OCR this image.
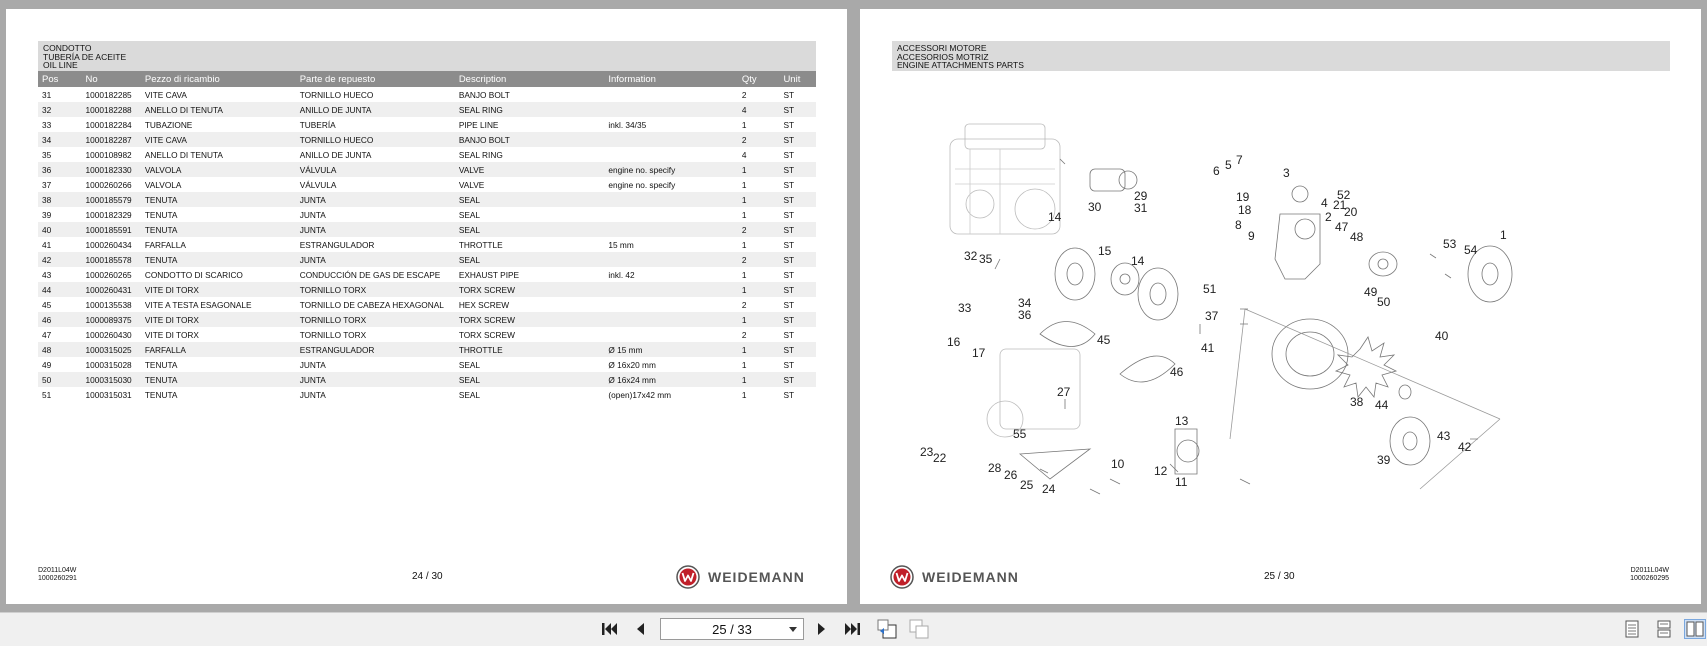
CONDOTTO
TUBERÍA DE ACEITE
OIL LINE
Pos	No	Pezzo di ricambio	Parte de repuesto	Description	Information	Qty	Unit
31	1000182285	VITE CAVA	TORNILLO HUECO	BANJO BOLT		2	ST
32	1000182288	ANELLO DI TENUTA	ANILLO DE JUNTA	SEAL RING		4	ST
33	1000182284	TUBAZIONE	TUBERÍA	PIPE LINE	inkl. 34/35	1	ST
34	1000182287	VITE CAVA	TORNILLO HUECO	BANJO BOLT		2	ST
35	1000108982	ANELLO DI TENUTA	ANILLO DE JUNTA	SEAL RING		4	ST
36	1000182330	VALVOLA	VÁLVULA	VALVE	engine no. specify	1	ST
37	1000260266	VALVOLA	VÁLVULA	VALVE	engine no. specify	1	ST
38	1000185579	TENUTA	JUNTA	SEAL		1	ST
39	1000182329	TENUTA	JUNTA	SEAL		1	ST
40	1000185591	TENUTA	JUNTA	SEAL		2	ST
41	1000260434	FARFALLA	ESTRANGULADOR	THROTTLE	15 mm	1	ST
42	1000185578	TENUTA	JUNTA	SEAL		2	ST
43	1000260265	CONDOTTO DI SCARICO	CONDUCCIÓN DE GAS DE ESCAPE	EXHAUST PIPE	inkl. 42	1	ST
44	1000260431	VITE DI TORX	TORNILLO TORX	TORX SCREW		1	ST
45	1000135538	VITE A TESTA ESAGONALE	TORNILLO DE CABEZA HEXAGONAL	HEX SCREW		2	ST
46	1000089375	VITE DI TORX	TORNILLO TORX	TORX SCREW		1	ST
47	1000260430	VITE DI TORX	TORNILLO TORX	TORX SCREW		2	ST
48	1000315025	FARFALLA	ESTRANGULADOR	THROTTLE	Ø 15 mm	1	ST
49	1000315028	TENUTA	JUNTA	SEAL	Ø 16x20 mm	1	ST
50	1000315030	TENUTA	JUNTA	SEAL	Ø 16x24 mm	1	ST
51	1000315031	TENUTA	JUNTA	SEAL	(open)17x42 mm	1	ST
D2011L04W
1000260291	24 / 30	WEIDEMANN
ACCESSORI MOTORE
ACCESORIOS MOTRIZ
ENGINE ATTACHMENTS PARTS
1
2
3
4
5
6
7
8
9
10
11
12
13
14
14
15
16
17
18
19
20
21
22
23
24
25
26
27
28
29
30	31
32
33	34
35
36	37
38
39
40
41
42
43
44
45
46
47
48
49
50
51
52
53 54
55
WEIDEMANN	25 / 30
D2011L04W
1000260295
25 / 33
